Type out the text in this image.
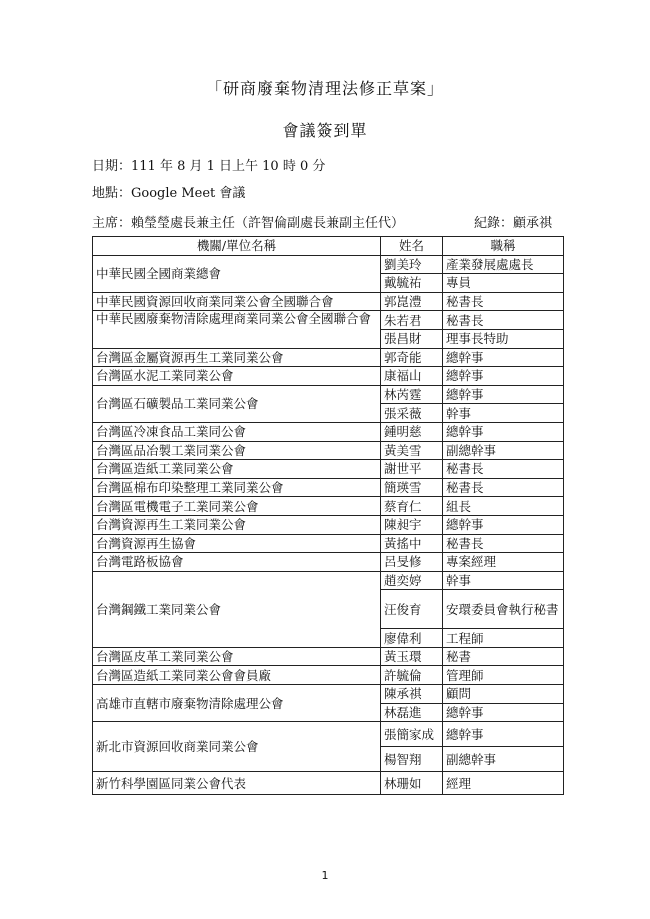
「研商廢棄物清理法修正草案」
會議簽到單
日期：111 年 8 月 1 日上午 10 時 0 分
地點：Google Meet 會議
主席：賴瑩瑩處長兼主任（許智倫副處長兼副主任代）	紀錄：顧承祺
機關/單位名稱	姓名	職稱
中華民國全國商業總會	劉美玲	產業發展處處長
	戴毓祐	專員
中華民國資源回收商業同業公會全國聯合會	郭崑澧	秘書長
中華民國廢棄物清除處理商業同業公會全國聯合會	朱若君	秘書長
	張昌財	理事長特助
台灣區金屬資源再生工業同業公會	郭奇能	總幹事
台灣區水泥工業同業公會	康福山	總幹事
台灣區石礦製品工業同業公會	林芮霆	總幹事
	張采薇	幹事
台灣區冷凍食品工業同公會	鍾明慈	總幹事
台灣區品冶製工業同業公會	黃美雪	副總幹事
台灣區造紙工業同業公會	謝世平	秘書長
台灣區棉布印染整理工業同業公會	簡瑛雪	秘書長
台灣區電機電子工業同業公會	蔡育仁	組長
台灣資源再生工業同業公會	陳昶宇	總幹事
台灣資源再生協會	黃搖中	秘書長
台灣電路板協會	呂旻修	專案經理
台灣鋼鐵工業同業公會	趙奕婷	幹事
	汪俊育	安環委員會執行秘書
	廖偉利	工程師
台灣區皮革工業同業公會	黃玉環	秘書
台灣區造紙工業同業公會會員廠	許毓倫	管理師
高雄市直轄市廢棄物清除處理公會	陳承祺	顧問
	林磊進	總幹事
新北市資源回收商業同業公會	張簡家成	總幹事
	楊智翔	副總幹事
新竹科學園區同業公會代表	林珊如	經理
1
